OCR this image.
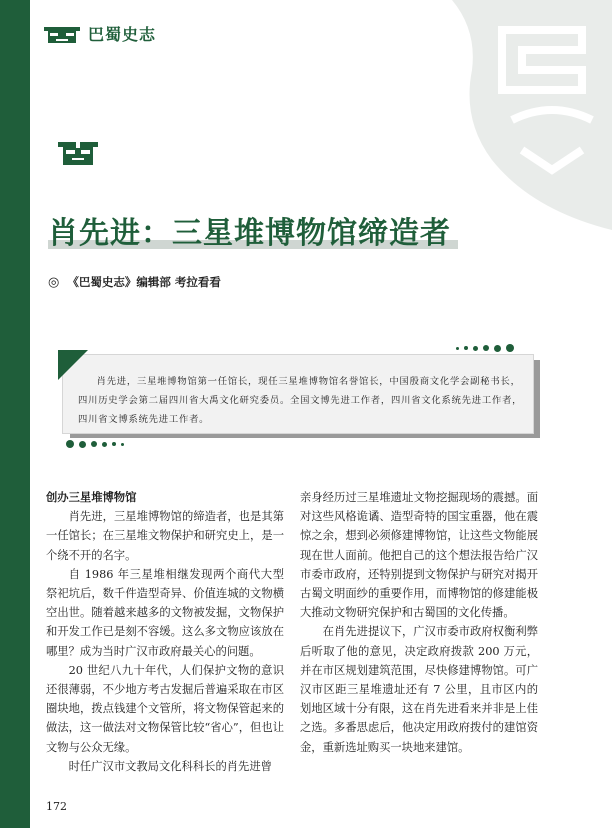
巴蜀史志
肖先进：三星堆博物馆缔造者
◎ 《巴蜀史志》编辑部 考拉看看
肖先进，三星堆博物馆第一任馆长，现任三星堆博物馆名誉馆长，中国殷商文化学会副秘书长，四川历史学会第二届四川省大禹文化研究委员。全国文博先进工作者，四川省文化系统先进工作者，四川省文博系统先进工作者。
创办三星堆博物馆

肖先进，三星堆博物馆的缔造者，也是其第一任馆长；在三星堆文物保护和研究史上，是一个绕不开的名字。

自 1986 年三星堆相继发现两个商代大型祭祀坑后，数千件造型奇异、价值连城的文物横空出世。随着越来越多的文物被发掘，文物保护和开发工作已是刻不容缓。这么多文物应该放在哪里？成为当时广汉市政府最关心的问题。

20 世纪八九十年代，人们保护文物的意识还很薄弱，不少地方考古发掘后普遍采取在市区圈块地，拨点钱建个文管所，将文物保管起来的做法，这一做法对文物保管比较“省心”，但也让文物与公众无缘。

时任广汉市文教局文化科科长的肖先进曾

亲身经历过三星堆遗址文物挖掘现场的震撼。面对这些风格诡谲、造型奇特的国宝重器，他在震惊之余，想到必须修建博物馆，让这些文物能展现在世人面前。他把自己的这个想法报告给广汉市委市政府，还特别提到文物保护与研究对揭开古蜀文明面纱的重要作用，而博物馆的修建能极大推动文物研究保护和古蜀国的文化传播。

在肖先进提议下，广汉市委市政府权衡利弊后听取了他的意见，决定政府拨款 200 万元，并在市区规划建筑范围，尽快修建博物馆。可广汉市区距三星堆遗址还有 7 公里，且市区内的划地区域十分有限，这在肖先进看来并非是上佳之选。多番思虑后，他决定用政府拨付的建馆资金，重新选址购买一块地来建馆。

172
